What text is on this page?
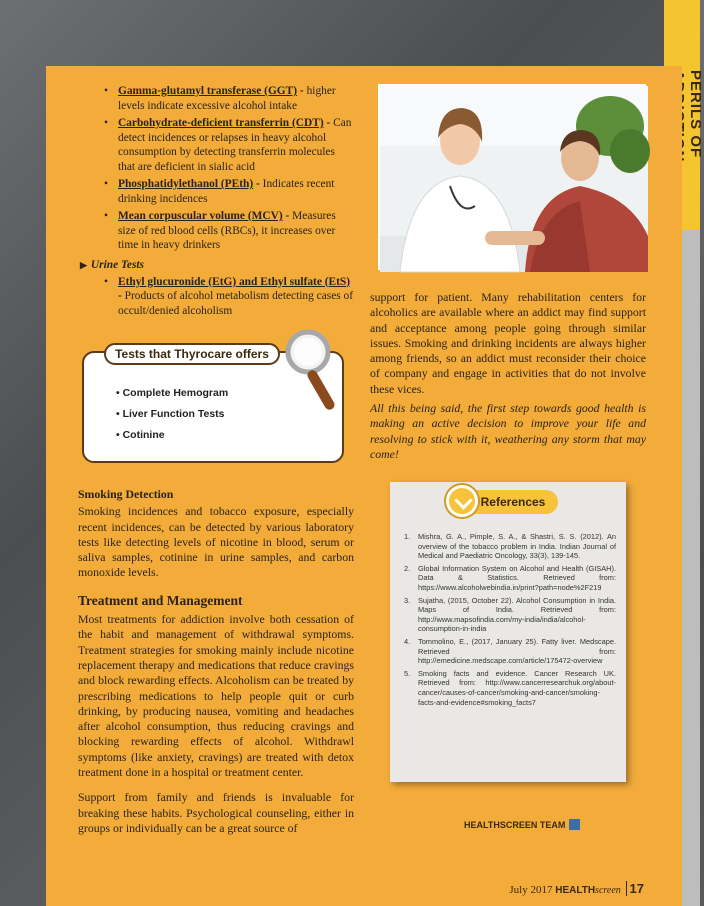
PERILS OF
• Gamma-glutamyl transferase (GGT) - higher levels indicate excessive alcohol intake
• Carbohydrate-deficient transferrin (CDT) - Can detect incidences or relapses in heavy alcohol consumption by detecting transferrin molecules that are deficient in sialic acid
• Phosphatidylethanol (PEth) - Indicates recent drinking incidences
• Mean corpuscular volume (MCV) - Measures size of red blood cells (RBCs), it increases over time in heavy drinkers
▶ Urine Tests
• Ethyl glucuronide (EtG) and Ethyl sulfate (EtS) - Products of alcohol metabolism detecting cases of occult/denied alcoholism
Tests that Thyrocare offers
• Complete Hemogram
• Liver Function Tests
• Cotinine

support for patient. Many rehabilitation centers for alcoholics are available where an addict may find support and acceptance among people going through similar issues. Smoking and drinking incidents are always higher among friends, so an addict must reconsider their choice of company and engage in activities that do not involve these vices.

All this being said, the first step towards good health is making an active decision to improve your life and resolving to stick with it, weathering any storm that may come!

Smoking Detection

Smoking incidences and tobacco exposure, especially recent incidences, can be detected by various laboratory tests like detecting levels of nicotine in blood, serum or saliva samples, cotinine in urine samples, and carbon monoxide levels.

Treatment and Management

Most treatments for addiction involve both cessation of the habit and management of withdrawal symptoms. Treatment strategies for smoking mainly include nicotine replacement therapy and medications that reduce cravings and block rewarding effects. Alcoholism can be treated by prescribing medications to help people quit or curb drinking, by producing nausea, vomiting and headaches after alcohol consumption, thus reducing cravings and blocking rewarding effects of alcohol. Withdrawl symptoms (like anxiety, cravings) are treated with detox treatment done in a hospital or treatment center.

Support from family and friends is invaluable for breaking these habits. Psychological counseling, either in groups or individually can be a great source of

References
Mishra, G. A., Pimple, S. A., & Shastri, S. S. (2012). An overview of the tobacco problem in India. Indian Journal of Medical and Paediatric Oncology, 33(3), 139-145.
Global Information System on Alcohol and Health (GISAH). Data & Statistics. Retrieved from: https://www.alcoholwebindia.in/print?path=node%2F219
Sujatha, (2015, October 22). Alcohol Consumption in India. Maps of India. Retrieved from: http://www.mapsofindia.com/my-india/india/alcohol-consumption-in-india
Tommolino, E., (2017, January 25). Fatty liver. Medscape. Retrieved from: http://emedicine.medscape.com/article/175472-overview
Smoking facts and evidence. Cancer Research UK. Retrieved from: http://www.cancerresearchuk.org/about-cancer/causes-of-cancer/smoking-and-cancer/smoking-facts-and-evidence#smoking_facts7
HEALTHSCREEN TEAM
July 2017 HEALTHscreen 17
